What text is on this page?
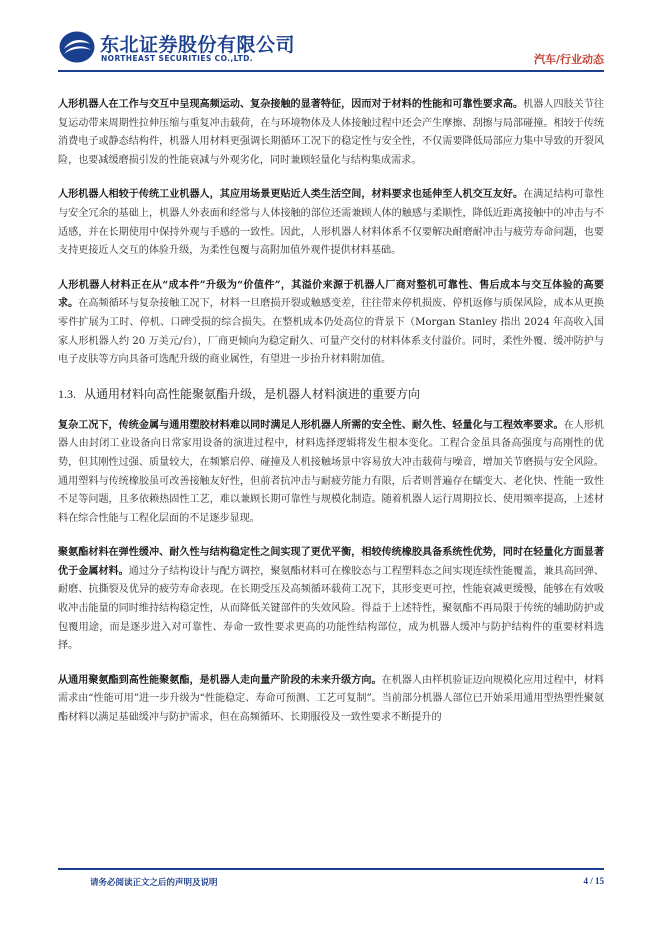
东北证券股份有限公司
NORTHEAST SECURITIES CO.,LTD.	汽车/行业动态

人形机器人在工作与交互中呈现高频运动、复杂接触的显著特征，因而对于材料的性能和可靠性要求高。机器人四肢关节往复运动带来周期性拉伸压缩与重复冲击载荷，在与环境物体及人体接触过程中还会产生摩擦、刮擦与局部碰撞。相较于传统消费电子或静态结构件，机器人用材料更强调长期循环工况下的稳定性与安全性，不仅需要降低局部应力集中导致的开裂风险，也要减缓磨损引发的性能衰减与外观劣化，同时兼顾轻量化与结构集成需求。

人形机器人相较于传统工业机器人，其应用场景更贴近人类生活空间，材料要求也延伸至人机交互友好。在满足结构可靠性与安全冗余的基础上，机器人外表面和经常与人体接触的部位还需兼顾人体的触感与柔顺性，降低近距离接触中的冲击与不适感，并在长期使用中保持外观与手感的一致性。因此，人形机器人材料体系不仅要解决耐磨耐冲击与疲劳寿命问题，也要支持更接近人交互的体验升级，为柔性包覆与高附加值外观件提供材料基础。

人形机器人材料正在从“成本件”升级为“价值件”，其溢价来源于机器人厂商对整机可靠性、售后成本与交互体验的高要求。在高频循环与复杂接触工况下，材料一旦磨损开裂或触感变差，往往带来停机损废、停机返修与质保风险，成本从更换零件扩展为工时、停机、口碑受损的综合损失。在整机成本仍处高位的背景下（Morgan Stanley 指出 2024 年高收入国家人形机器人约 20 万美元/台），厂商更倾向为稳定耐久、可量产交付的材料体系支付溢价。同时，柔性外覆、缓冲防护与电子皮肤等方向具备可选配升级的商业属性，有望进一步抬升材料附加值。

1.3. 从通用材料向高性能聚氨酯升级，是机器人材料演进的重要方向

复杂工况下，传统金属与通用塑胶材料难以同时满足人形机器人所需的安全性、耐久性、轻量化与工程效率要求。在人形机器人由封闭工业设备向日常家用设备的演进过程中，材料选择逻辑将发生根本变化。工程合金虽具备高强度与高刚性的优势，但其刚性过强、质量较大，在频繁启停、碰撞及人机接触场景中容易放大冲击载荷与噪音，增加关节磨损与安全风险。通用塑料与传统橡胶虽可改善接触友好性，但前者抗冲击与耐疲劳能力有限，后者则普遍存在蠕变大、老化快、性能一致性不足等问题，且多依赖热固性工艺，难以兼顾长期可靠性与规模化制造。随着机器人运行周期拉长、使用频率提高，上述材料在综合性能与工程化层面的不足逐步显现。

聚氨酯材料在弹性缓冲、耐久性与结构稳定性之间实现了更优平衡，相较传统橡胶具备系统性优势，同时在轻量化方面显著优于金属材料。通过分子结构设计与配方调控，聚氨酯材料可在橡胶态与工程塑料态之间实现连续性能覆盖，兼具高回弹、耐磨、抗撕裂及优异的疲劳寿命表现。在长期受压及高频循环载荷工况下，其形变更可控，性能衰减更缓慢，能够在有效吸收冲击能量的同时维持结构稳定性，从而降低关键部件的失效风险。得益于上述特性，聚氨酯不再局限于传统的辅助防护或包覆用途，而是逐步进入对可靠性、寿命一致性要求更高的功能性结构部位，成为机器人缓冲与防护结构件的重要材料选择。

从通用聚氨酯到高性能聚氨酯，是机器人走向量产阶段的未来升级方向。在机器人由样机验证迈向规模化应用过程中，材料需求由“性能可用”进一步升级为“性能稳定、寿命可预测、工艺可复制”。当前部分机器人部位已开始采用通用型热塑性聚氨酯材料以满足基础缓冲与防护需求，但在高频循环、长期服役及一致性要求不断提升的

请务必阅读正文之后的声明及说明	4 / 15
